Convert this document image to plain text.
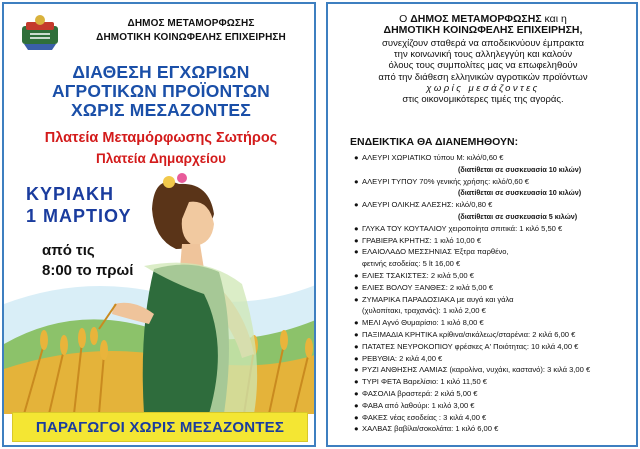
ΔΗΜΟΣ ΜΕΤΑΜΟΡΦΩΣΗΣ
ΔΗΜΟΤΙΚΗ ΚΟΙΝΩΦΕΛΗΣ ΕΠΙΧΕΙΡΗΣΗ
ΔΙΑΘΕΣΗ ΕΓΧΩΡΙΩΝ
ΑΓΡΟΤΙΚΩΝ ΠΡΟΪΟΝΤΩΝ
ΧΩΡΙΣ ΜΕΣΑΖΟΝΤΕΣ
Πλατεία Μεταμόρφωσης Σωτήρος
Πλατεία Δημαρχείου
ΚΥΡΙΑΚΗ
1 ΜΑΡΤΙΟΥ
από τις
8:00 το πρωί
ΠΑΡΑΓΩΓΟΙ ΧΩΡΙΣ ΜΕΣΑΖΟΝΤΕΣ
Ο ΔΗΜΟΣ ΜΕΤΑΜΟΡΦΩΣΗΣ και η
ΔΗΜΟΤΙΚΗ ΚΟΙΝΩΦΕΛΗΣ ΕΠΙΧΕΙΡΗΣΗ,
συνεχίζουν σταθερά να αποδεικνύουν έμπρακτα
την κοινωνική τους αλληλεγγύη και καλούν
όλους τους συμπολίτες μας να επωφεληθούν
από την διάθεση ελληνικών αγροτικών προϊόντων
χωρίς μεσάζοντες
στις οικονομικότερες τιμές της αγοράς.
ΕΝΔΕΙΚΤΙΚΑ ΘΑ ΔΙΑΝΕΜΗΘΟΥΝ:
● ΑΛΕΥΡΙ ΧΩΡΙΑΤΙΚΟ τύπου Μ: κιλό/0,60 €
(διατίθεται σε συσκευασία 10 κιλών)
● ΑΛΕΥΡΙ ΤΥΠΟΥ 70% γενικής χρήσης: κιλό/0,60 €
(διατίθεται σε συσκευασία 10 κιλών)
● ΑΛΕΥΡΙ ΟΛΙΚΗΣ ΑΛΕΣΗΣ: κιλό/0,80 €
(διατίθεται σε συσκευασία 5 κιλών)
● ΓΛΥΚΑ ΤΟΥ ΚΟΥΤΑΛΙΟΥ χειροποίητα σπιτικά: 1 κιλό 5,50 €
● ΓΡΑΒΙΕΡΑ ΚΡΗΤΗΣ: 1 κιλό 10,00 €
● ΕΛΑΙΟΛΑΔΟ ΜΕΣΣΗΝΙΑΣ Έξτρα παρθένο,
φετινής εσοδείας: 5 lt 16,00 €
● ΕΛΙΕΣ ΤΣΑΚΙΣΤΕΣ: 2 κιλά 5,00 €
● ΕΛΙΕΣ ΒΟΛΟΥ ΞΑΝΘΕΣ: 2 κιλά 5,00 €
● ΖΥΜΑΡΙΚΑ ΠΑΡΑΔΟΣΙΑΚΑ με αυγά και γάλα
(χυλοπίτακι, τραχανάς): 1 κιλό 2,00 €
● ΜΕΛΙ Αγνό Θυμαρίσιο: 1 κιλό 8,00 €
● ΠΑΞΙΜΑΔΙΑ ΚΡΗΤΙΚΑ κρίθινα/σικάλεως/σταρένια: 2 κιλά 6,00 €
● ΠΑΤΑΤΕΣ ΝΕΥΡΟΚΟΠΙΟΥ φρέσκες Α' Ποιότητας: 10 κιλά 4,00 €
● ΡΕΒΥΘΙΑ: 2 κιλά 4,00 €
● ΡΥΖΙ ΑΝΘΗΣΗΣ ΛΑΜΙΑΣ (καρολίνα, νυχάκι, καστανό): 3 κιλά 3,00 €
● ΤΥΡΙ ΦΕΤΑ Βαρελίσιο: 1 κιλό 11,50 €
● ΦΑΣΟΛΙΑ βραστερά: 2 κιλά 5,00 €
● ΦΑΒΑ από λαθούρι: 1 κιλό 3,00 €
● ΦΑΚΕΣ νέας εσοδείας : 3 κιλά 4,00 €
● ΧΑΛΒΑΣ βαβίλα/σοκολάτα: 1 κιλό 6,00 €
